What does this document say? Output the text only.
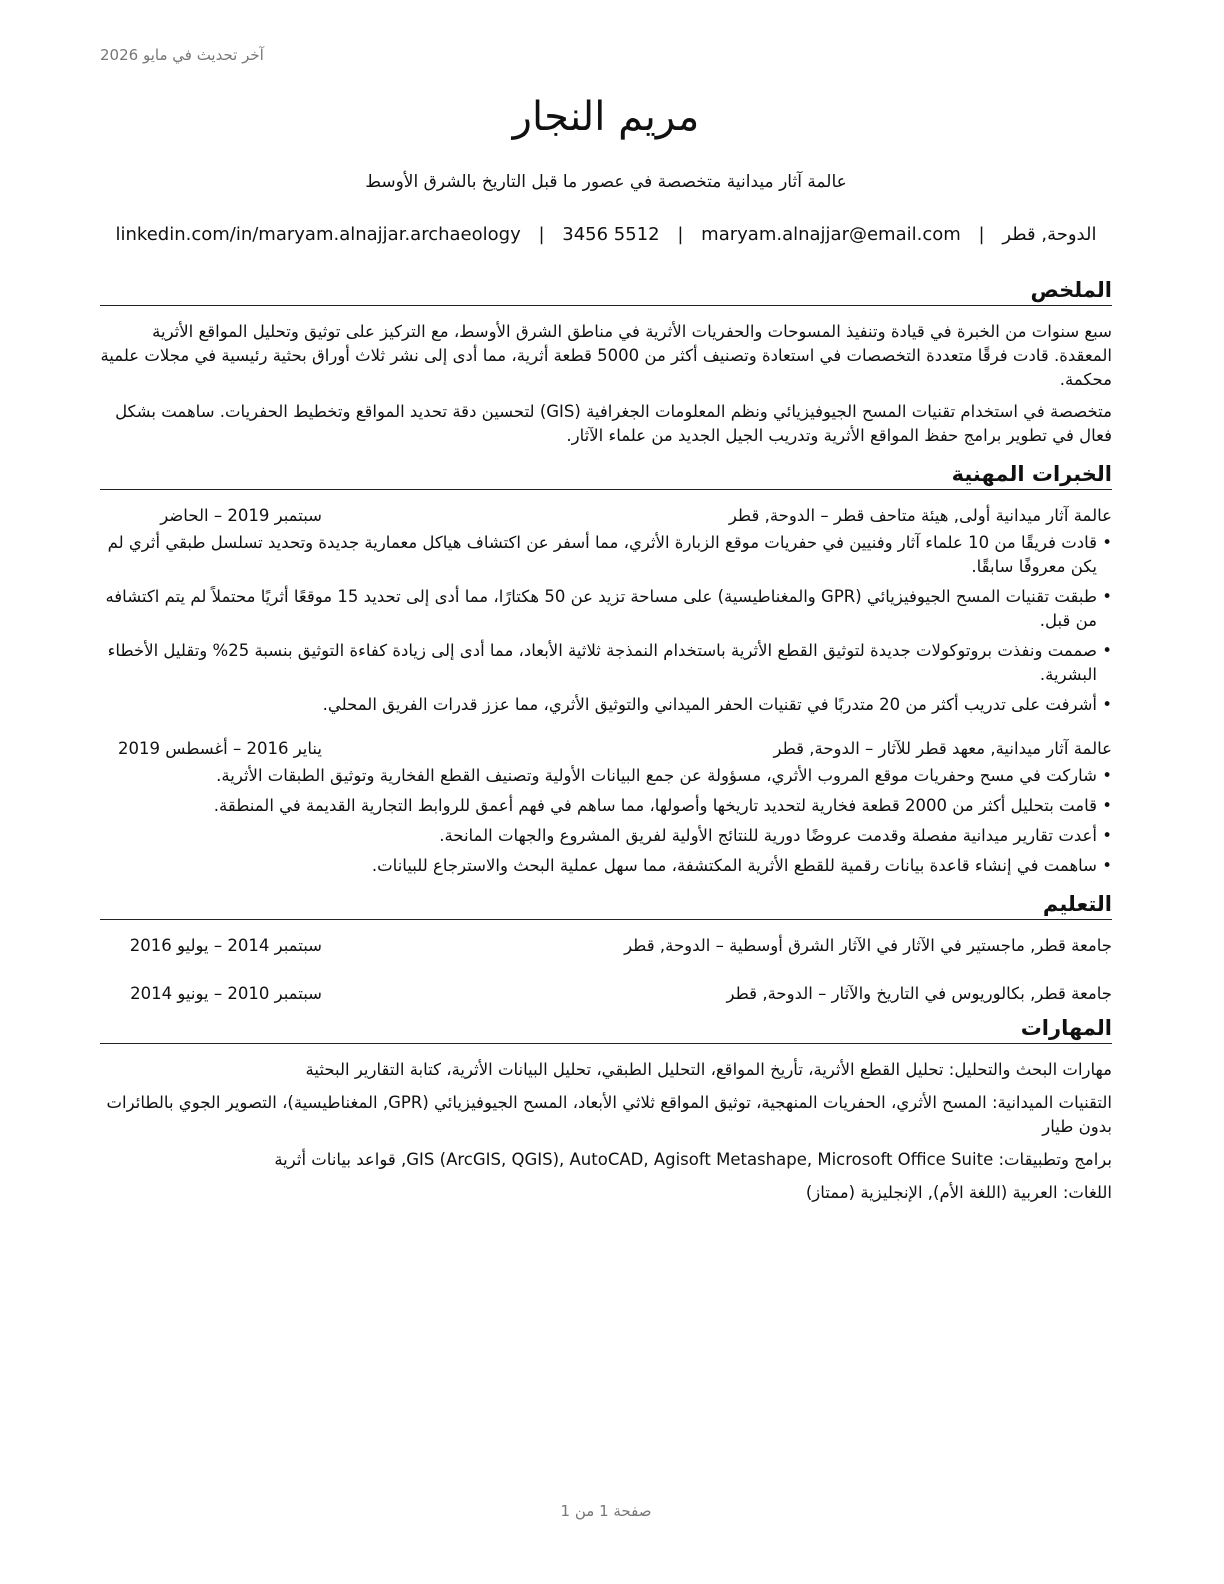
آخر تحديث في مايو 2026
مريم النجار
عالمة آثار ميدانية متخصصة في عصور ما قبل التاريخ بالشرق الأوسط
الدوحة, قطر | maryam.alnajjar@email.com | 3456 5512 | linkedin.com/in/maryam.alnajjar.archaeology
الملخص

سبع سنوات من الخبرة في قيادة وتنفيذ المسوحات والحفريات الأثرية في مناطق الشرق الأوسط، مع التركيز على توثيق وتحليل المواقع الأثرية المعقدة. قادت فرقًا متعددة التخصصات في استعادة وتصنيف أكثر من 5000 قطعة أثرية، مما أدى إلى نشر ثلاث أوراق بحثية رئيسية في مجلات علمية محكمة.

متخصصة في استخدام تقنيات المسح الجيوفيزيائي ونظم المعلومات الجغرافية (GIS) لتحسين دقة تحديد المواقع وتخطيط الحفريات. ساهمت بشكل فعال في تطوير برامج حفظ المواقع الأثرية وتدريب الجيل الجديد من علماء الآثار.

الخبرات المهنية
عالمة آثار ميدانية أولى, هيئة متاحف قطر – الدوحة, قطر
سبتمبر 2019 – الحاضر
• قادت فريقًا من 10 علماء آثار وفنيين في حفريات موقع الزبارة الأثري، مما أسفر عن اكتشاف هياكل معمارية جديدة وتحديد تسلسل طبقي أثري لم يكن معروفًا سابقًا.
• طبقت تقنيات المسح الجيوفيزيائي (GPR والمغناطيسية) على مساحة تزيد عن 50 هكتارًا، مما أدى إلى تحديد 15 موقعًا أثريًا محتملاً لم يتم اكتشافه من قبل.
• صممت ونفذت بروتوكولات جديدة لتوثيق القطع الأثرية باستخدام النمذجة ثلاثية الأبعاد، مما أدى إلى زيادة كفاءة التوثيق بنسبة 25% وتقليل الأخطاء البشرية.
• أشرفت على تدريب أكثر من 20 متدربًا في تقنيات الحفر الميداني والتوثيق الأثري، مما عزز قدرات الفريق المحلي.
عالمة آثار ميدانية, معهد قطر للآثار – الدوحة, قطر
يناير 2016 – أغسطس 2019
• شاركت في مسح وحفريات موقع المروب الأثري، مسؤولة عن جمع البيانات الأولية وتصنيف القطع الفخارية وتوثيق الطبقات الأثرية.
• قامت بتحليل أكثر من 2000 قطعة فخارية لتحديد تاريخها وأصولها، مما ساهم في فهم أعمق للروابط التجارية القديمة في المنطقة.
• أعدت تقارير ميدانية مفصلة وقدمت عروضًا دورية للنتائج الأولية لفريق المشروع والجهات المانحة.
• ساهمت في إنشاء قاعدة بيانات رقمية للقطع الأثرية المكتشفة، مما سهل عملية البحث والاسترجاع للبيانات.
التعليم
جامعة قطر, ماجستير في الآثار في الآثار الشرق أوسطية – الدوحة, قطر
سبتمبر 2014 – يوليو 2016
جامعة قطر, بكالوريوس في التاريخ والآثار – الدوحة, قطر
سبتمبر 2010 – يونيو 2014
المهارات
مهارات البحث والتحليل: تحليل القطع الأثرية، تأريخ المواقع، التحليل الطبقي، تحليل البيانات الأثرية، كتابة التقارير البحثية
التقنيات الميدانية: المسح الأثري، الحفريات المنهجية، توثيق المواقع ثلاثي الأبعاد، المسح الجيوفيزيائي (GPR, المغناطيسية)، التصوير الجوي بالطائرات بدون طيار
برامج وتطبيقات: GIS (ArcGIS, QGIS), AutoCAD, Agisoft Metashape, Microsoft Office Suite, قواعد بيانات أثرية
اللغات: العربية (اللغة الأم), الإنجليزية (ممتاز)
صفحة 1 من 1
